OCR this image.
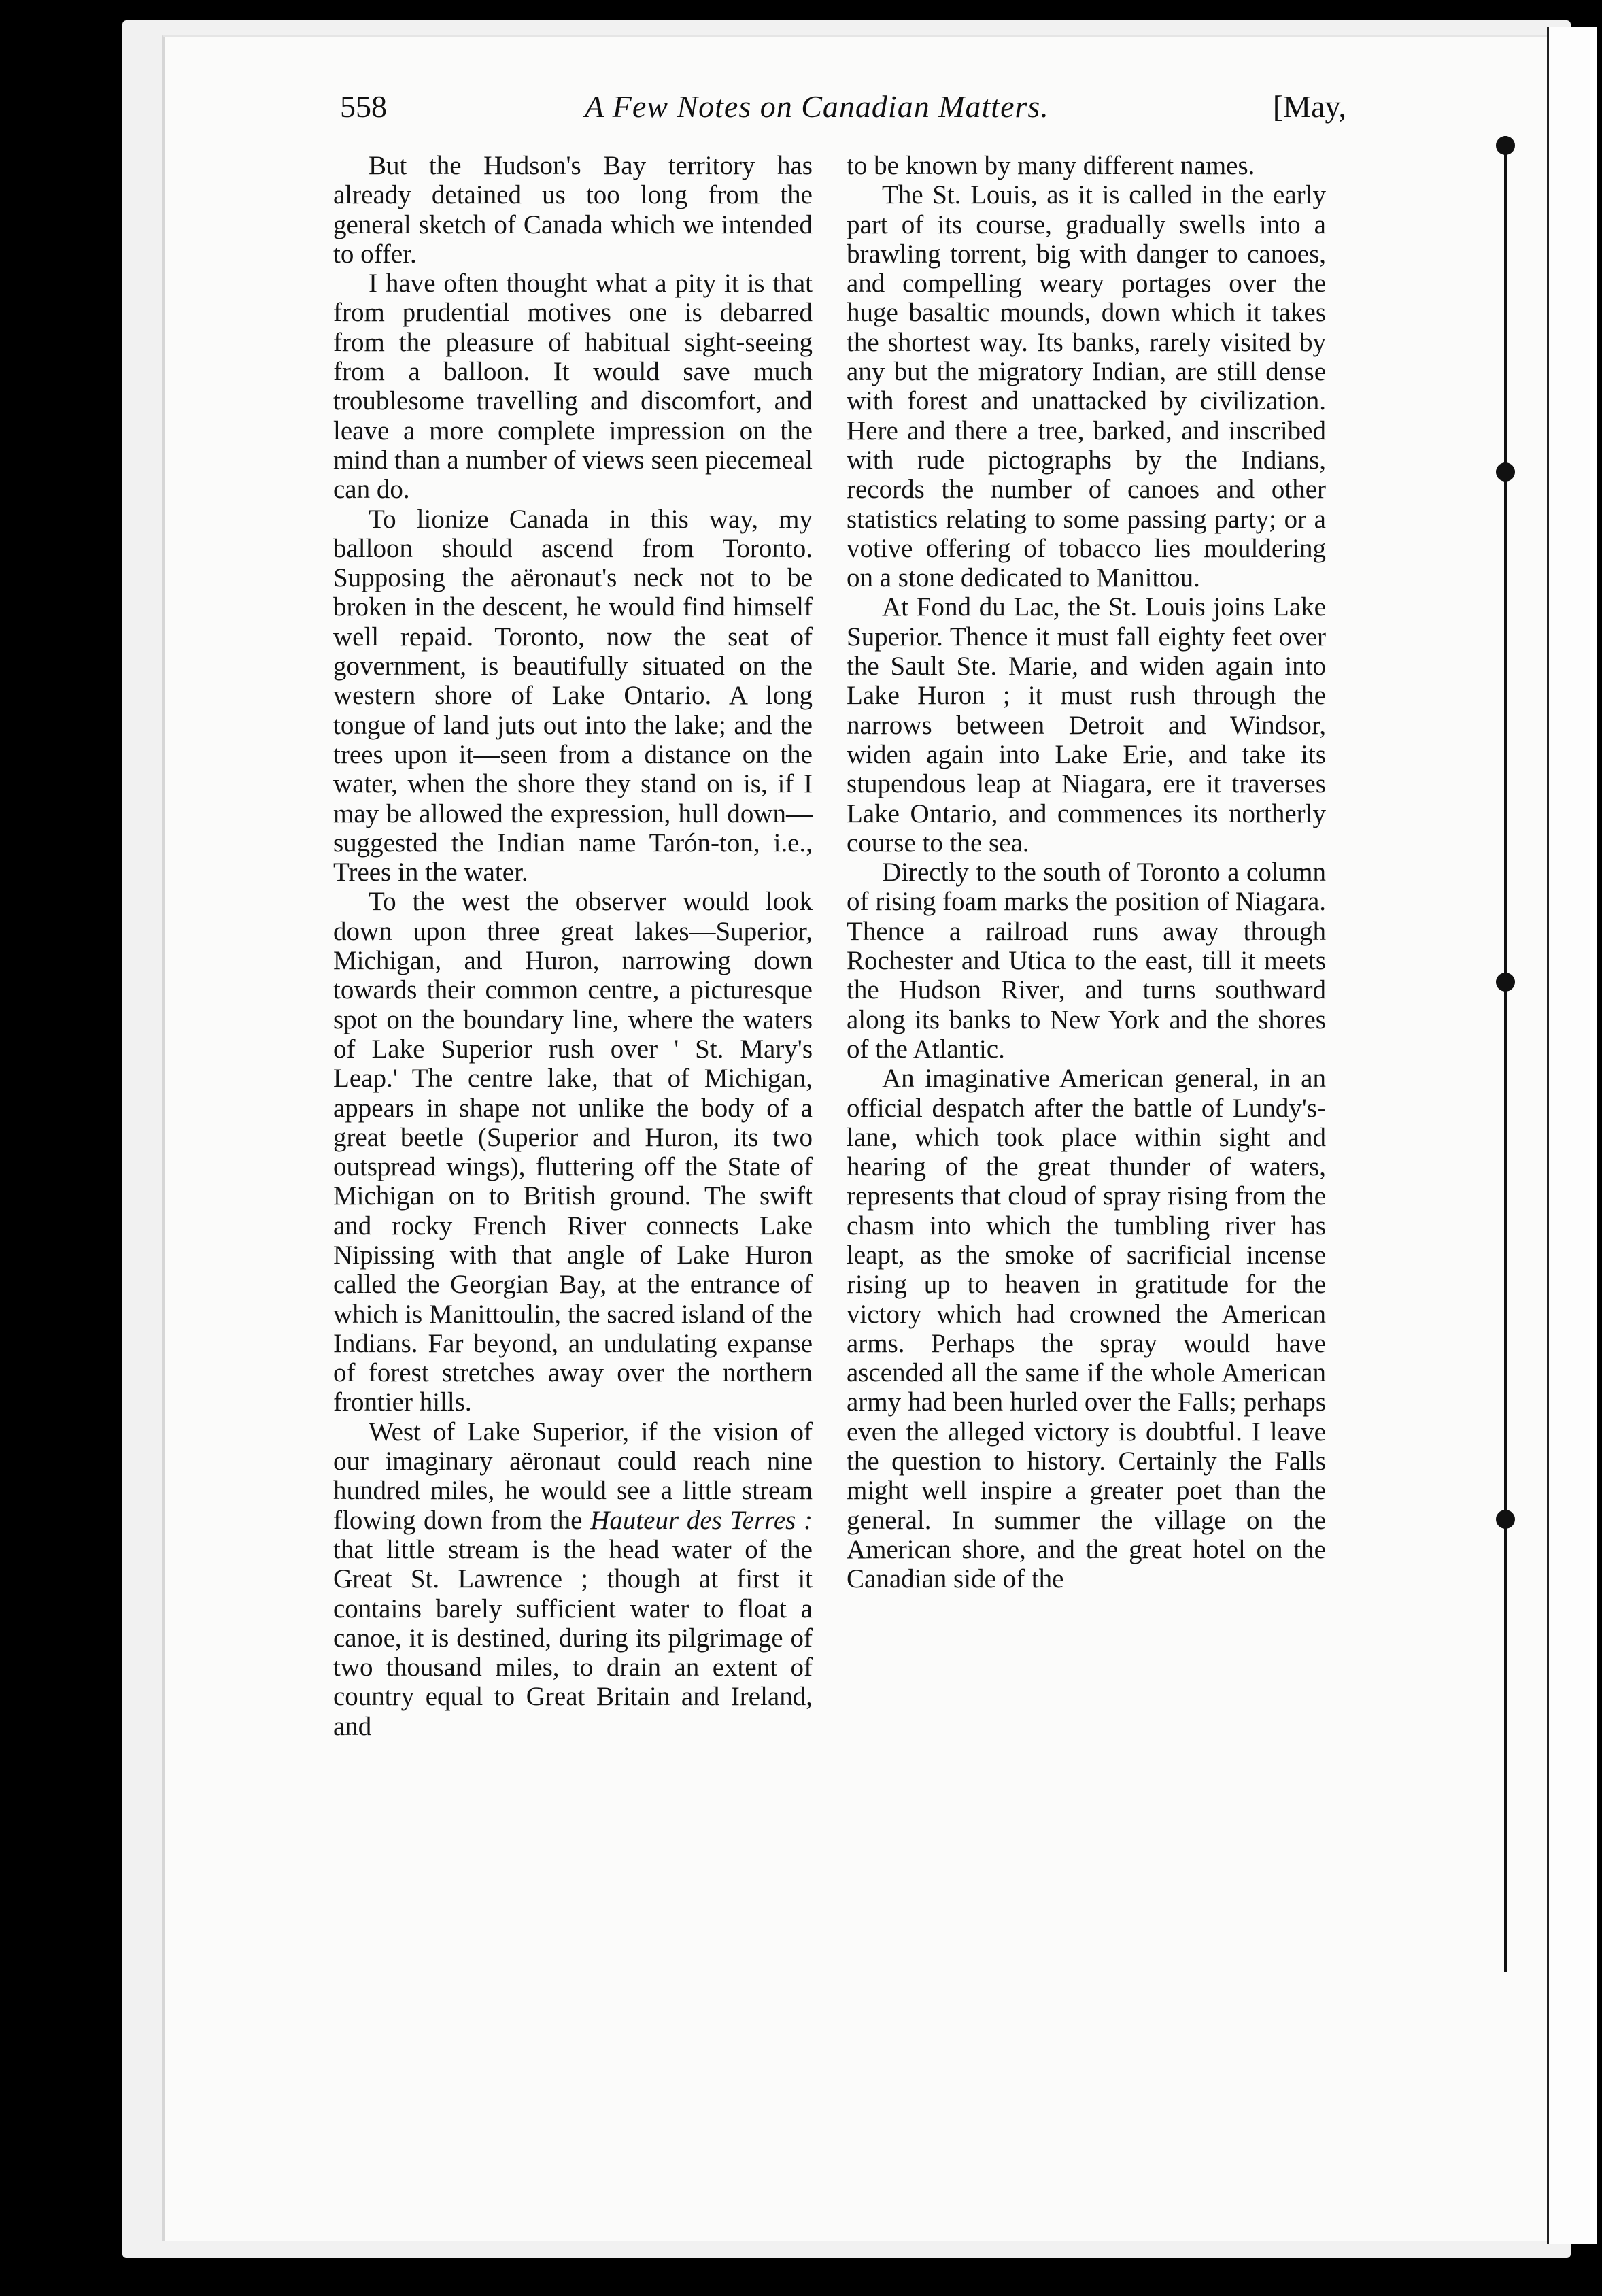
558	A Few Notes on Canadian Matters.	[May,

But the Hudson's Bay territory has already detained us too long from the general sketch of Canada which we intended to offer.

I have often thought what a pity it is that from prudential motives one is debarred from the pleasure of habitual sight-seeing from a balloon. It would save much troublesome travelling and discomfort, and leave a more complete impression on the mind than a number of views seen piecemeal can do.

To lionize Canada in this way, my balloon should ascend from Toronto. Supposing the aëronaut's neck not to be broken in the descent, he would find himself well repaid. Toronto, now the seat of government, is beautifully situated on the western shore of Lake Ontario. A long tongue of land juts out into the lake; and the trees upon it—seen from a distance on the water, when the shore they stand on is, if I may be allowed the expression, hull down—suggested the Indian name Tarón-ton, i.e., Trees in the water.

To the west the observer would look down upon three great lakes—Superior, Michigan, and Huron, narrowing down towards their common centre, a picturesque spot on the boundary line, where the waters of Lake Superior rush over ' St. Mary's Leap.' The centre lake, that of Michigan, appears in shape not unlike the body of a great beetle (Superior and Huron, its two outspread wings), fluttering off the State of Michigan on to British ground. The swift and rocky French River connects Lake Nipissing with that angle of Lake Huron called the Georgian Bay, at the entrance of which is Manittoulin, the sacred island of the Indians. Far beyond, an undulating expanse of forest stretches away over the northern frontier hills.

West of Lake Superior, if the vision of our imaginary aëronaut could reach nine hundred miles, he would see a little stream flowing down from the Hauteur des Terres : that little stream is the head water of the Great St. Lawrence ; though at first it contains barely sufficient water to float a canoe, it is destined, during its pilgrimage of two thousand miles, to drain an extent of country equal to Great Britain and Ireland, and

to be known by many different names.

The St. Louis, as it is called in the early part of its course, gradually swells into a brawling torrent, big with danger to canoes, and compelling weary portages over the huge basaltic mounds, down which it takes the shortest way. Its banks, rarely visited by any but the migratory Indian, are still dense with forest and unattacked by civilization. Here and there a tree, barked, and inscribed with rude pictographs by the Indians, records the number of canoes and other statistics relating to some passing party; or a votive offering of tobacco lies mouldering on a stone dedicated to Manittou.

At Fond du Lac, the St. Louis joins Lake Superior. Thence it must fall eighty feet over the Sault Ste. Marie, and widen again into Lake Huron ; it must rush through the narrows between Detroit and Windsor, widen again into Lake Erie, and take its stupendous leap at Niagara, ere it traverses Lake Ontario, and commences its northerly course to the sea.

Directly to the south of Toronto a column of rising foam marks the position of Niagara. Thence a railroad runs away through Rochester and Utica to the east, till it meets the Hudson River, and turns southward along its banks to New York and the shores of the Atlantic.

An imaginative American general, in an official despatch after the battle of Lundy's-lane, which took place within sight and hearing of the great thunder of waters, represents that cloud of spray rising from the chasm into which the tumbling river has leapt, as the smoke of sacrificial incense rising up to heaven in gratitude for the victory which had crowned the American arms. Perhaps the spray would have ascended all the same if the whole American army had been hurled over the Falls; perhaps even the alleged victory is doubtful. I leave the question to history. Certainly the Falls might well inspire a greater poet than the general. In summer the village on the American shore, and the great hotel on the Canadian side of the
